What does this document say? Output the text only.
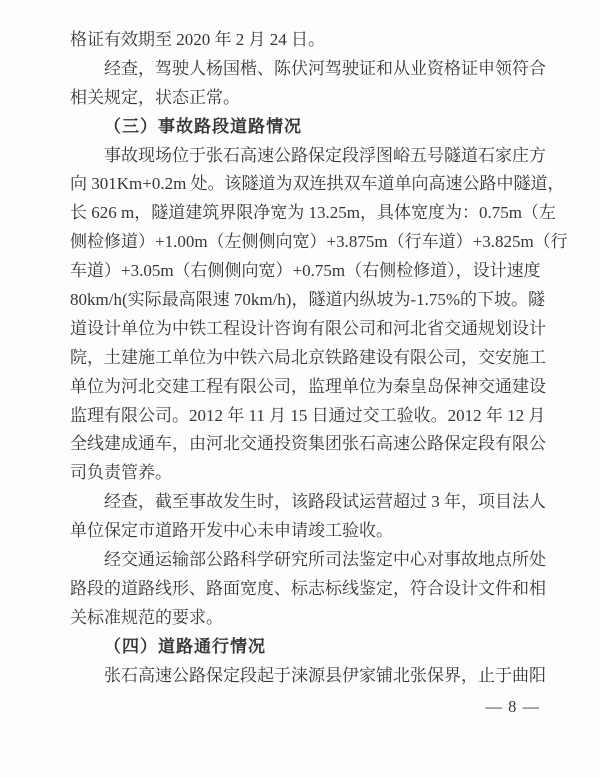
格证有效期至 2020 年 2 月 24 日。
经查，驾驶人杨国楷、陈伏河驾驶证和从业资格证申领符合
相关规定，状态正常。
（三）事故路段道路情况
事故现场位于张石高速公路保定段浮图峪五号隧道石家庄方
向 301Km+0.2m 处。该隧道为双连拱双车道单向高速公路中隧道，
长 626 m，隧道建筑界限净宽为 13.25m，具体宽度为：0.75m（左
侧检修道）+1.00m（左侧侧向宽）+3.875m（行车道）+3.825m（行
车道）+3.05m（右侧侧向宽）+0.75m（右侧检修道），设计速度
80km/h(实际最高限速 70km/h)，隧道内纵坡为-1.75%的下坡。隧
道设计单位为中铁工程设计咨询有限公司和河北省交通规划设计
院，土建施工单位为中铁六局北京铁路建设有限公司，交安施工
单位为河北交建工程有限公司，监理单位为秦皇岛保神交通建设
监理有限公司。2012 年 11 月 15 日通过交工验收。2012 年 12 月
全线建成通车，由河北交通投资集团张石高速公路保定段有限公
司负责管养。
经查，截至事故发生时，该路段试运营超过 3 年，项目法人
单位保定市道路开发中心未申请竣工验收。
经交通运输部公路科学研究所司法鉴定中心对事故地点所处
路段的道路线形、路面宽度、标志标线鉴定，符合设计文件和相
关标准规范的要求。
（四）道路通行情况
张石高速公路保定段起于涞源县伊家铺北张保界，止于曲阳
— 8 —
